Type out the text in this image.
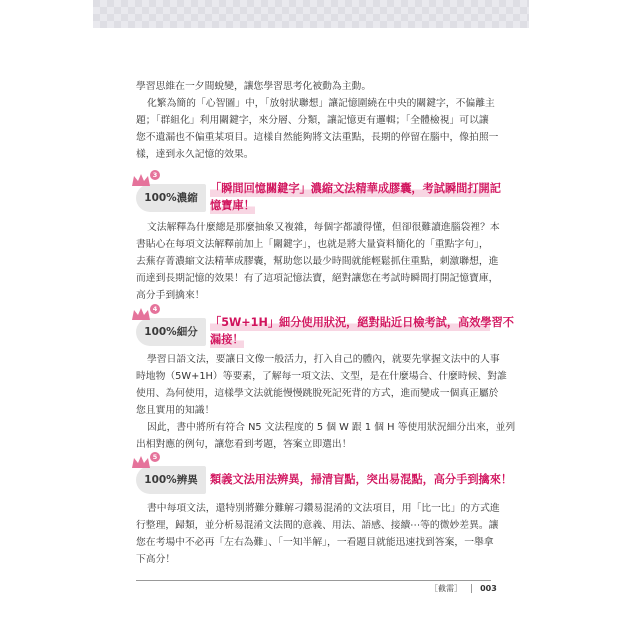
學習思維在一夕間蛻變，讓您學習思考化被動為主動。
化繁為簡的「心智圖」中，「放射狀聯想」讓記憶圍繞在中央的關鍵字，不偏離主
題；「群組化」利用關鍵字，來分層、分類，讓記憶更有邏輯；「全體檢視」可以讓
您不遺漏也不偏重某項目。這樣自然能夠將文法重點，長期的停留在腦中，像拍照一
樣，達到永久記憶的效果。
3
100%濃縮
「瞬間回憶關鍵字」濃縮文法精華成膠囊，考試瞬間打開記
憶寶庫！
文法解釋為什麼總是那麼抽象又複雜，每個字都讀得懂，但卻很難讀進腦袋裡？本
書貼心在每項文法解釋前加上「關鍵字」，也就是將大量資料簡化的「重點字句」，
去蕪存菁濃縮文法精華成膠囊，幫助您以最少時間就能輕鬆抓住重點，刺激聯想，進
而達到長期記憶的效果！有了這項記憶法寶，絕對讓您在考試時瞬間打開記憶寶庫，
高分手到擒來！
4
100%細分
「5W+1H」細分使用狀況，絕對貼近日檢考試，高效學習不
漏接！
學習日語文法，要讓日文像一般活力，打入自己的體內，就要先掌握文法中的人事
時地物（5W+1H）等要素，了解每一項文法、文型，是在什麼場合、什麼時候、對誰
使用、為何使用，這樣學文法就能慢慢跳脫死記死背的方式，進而變成一個真正屬於
您且實用的知識！
因此，書中將所有符合 N5 文法程度的 5 個 W 跟 1 個 H 等使用狀況細分出來，並列
出相對應的例句，讓您看到考題，答案立即選出！
5
100%辨異	類義文法用法辨異，掃清盲點，突出易混點，高分手到擒來！
書中每項文法，還特別將難分難解刁鑽易混淆的文法項目，用「比一比」的方式進
行整理，歸類，並分析易混淆文法間的意義、用法、語感、接續⋯等的微妙差異。讓
您在考場中不必再「左右為難」、「一知半解」，一看題目就能迅速找到答案，一舉拿
下高分！
［截需］ 003
